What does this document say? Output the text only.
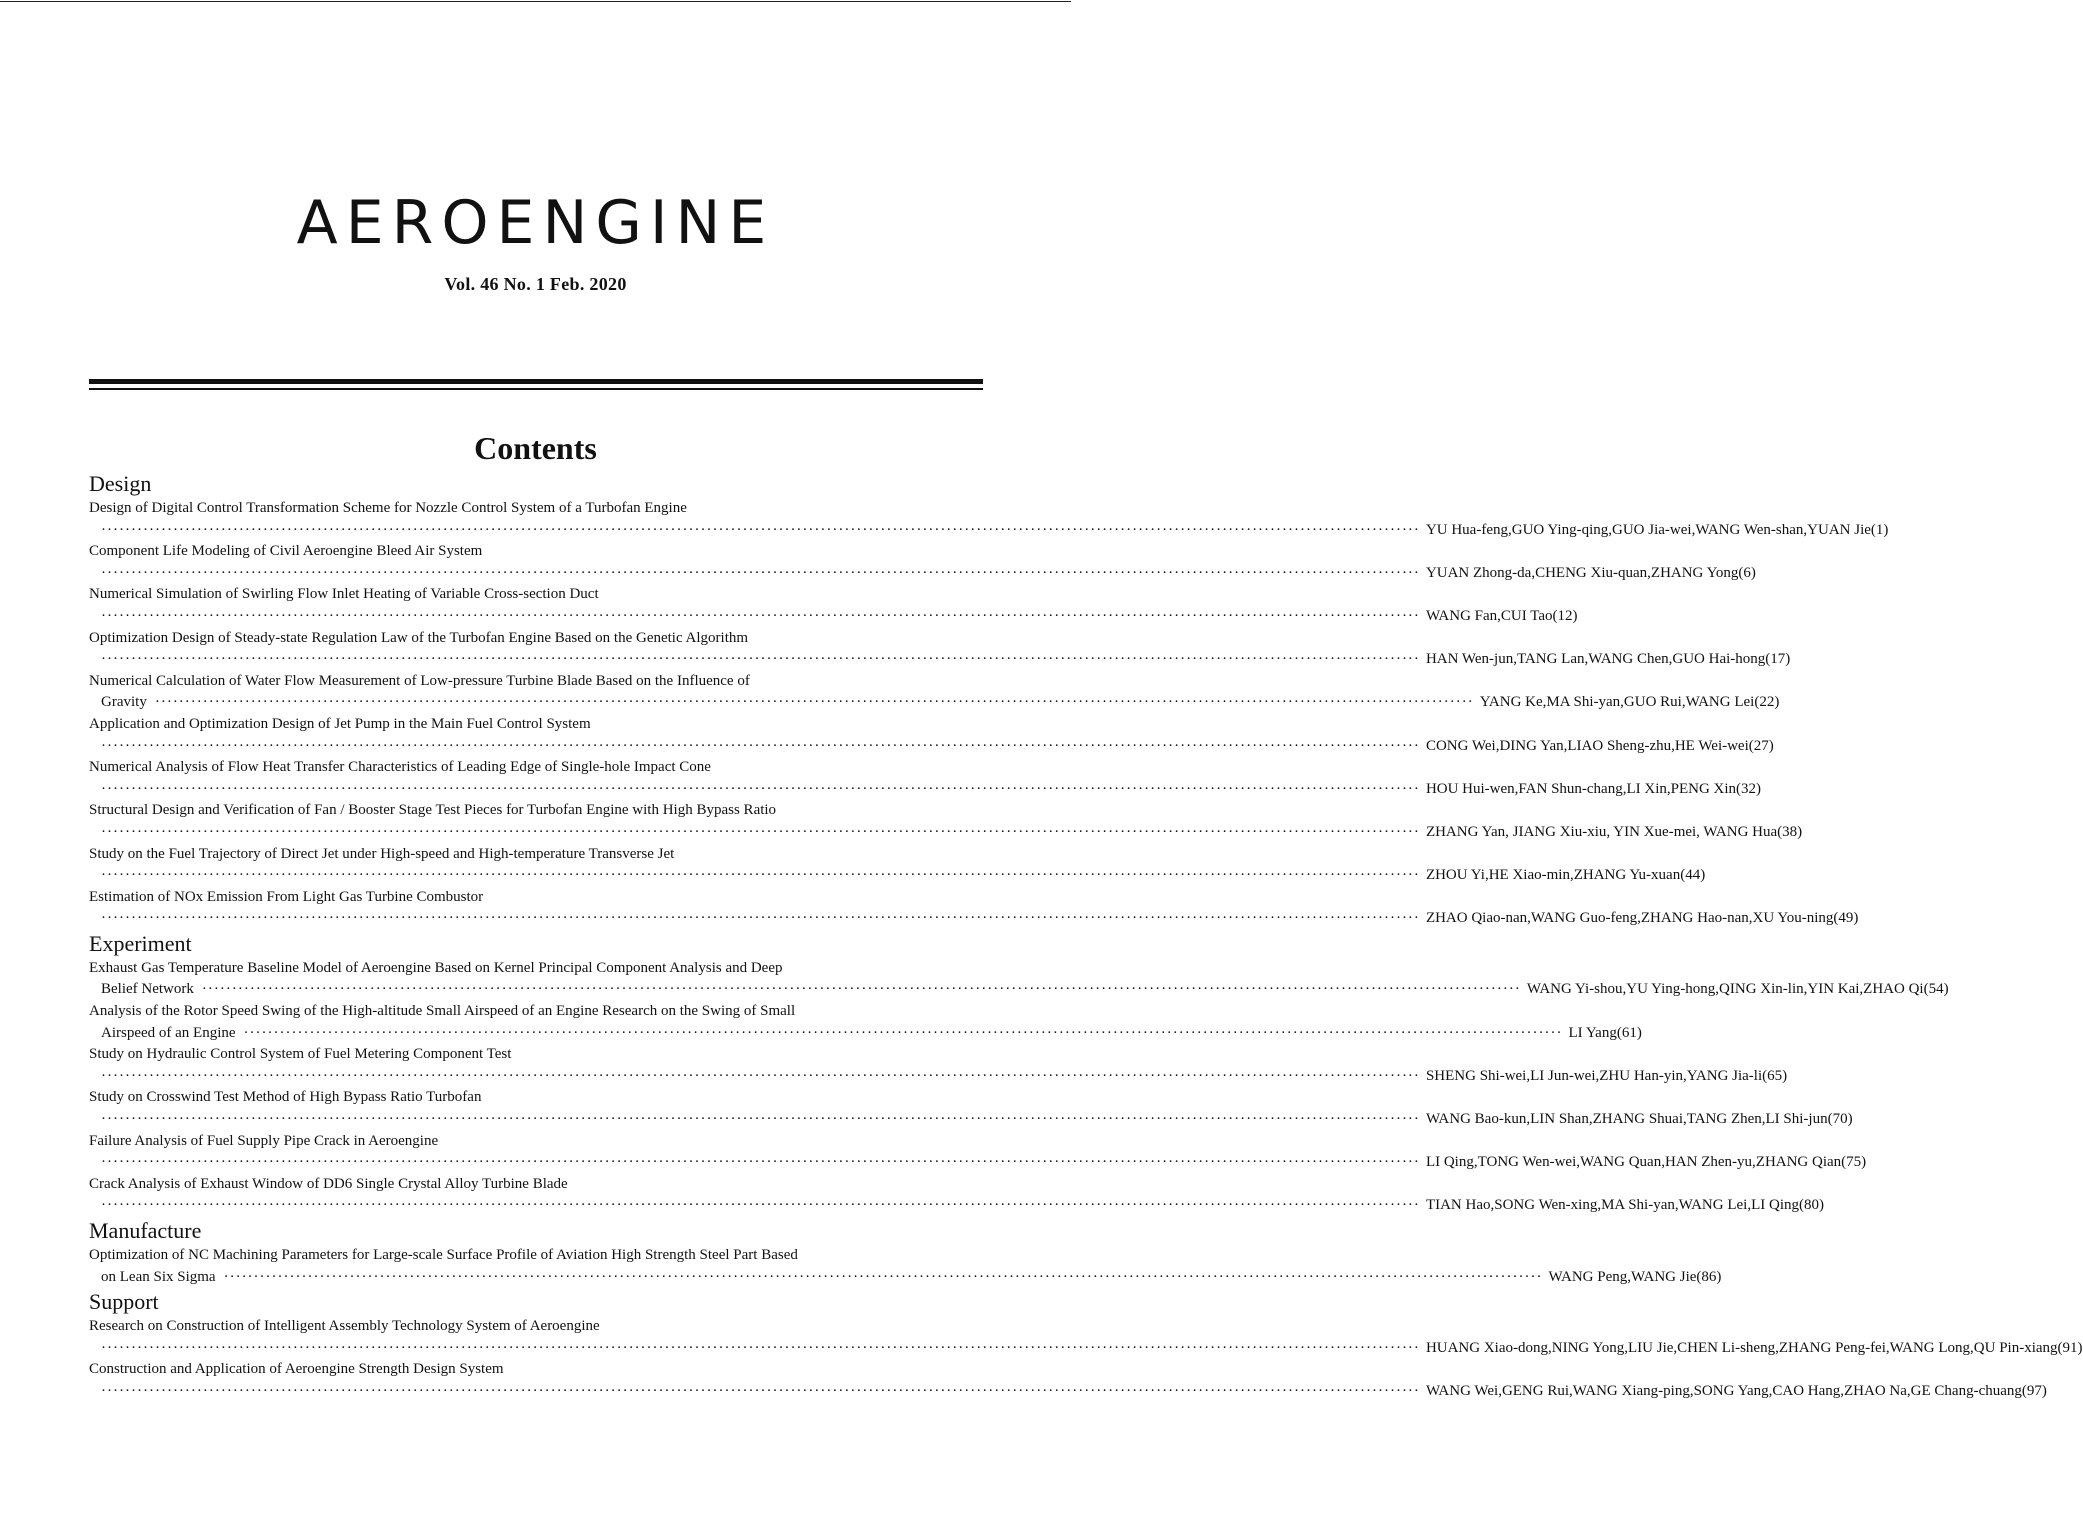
AEROENGINE
Vol. 46 No. 1 Feb. 2020
Contents
Design
Design of Digital Control Transformation Scheme for Nozzle Control System of a Turbofan Engine
···························································································································································································································· YU Hua-feng,GUO Ying-qing,GUO Jia-wei,WANG Wen-shan,YUAN Jie(1)
Component Life Modeling of Civil Aeroengine Bleed Air System
···························································································································································································································· YUAN Zhong-da,CHENG Xiu-quan,ZHANG Yong(6)
Numerical Simulation of Swirling Flow Inlet Heating of Variable Cross-section Duct
···························································································································································································································· WANG Fan,CUI Tao(12)
Optimization Design of Steady-state Regulation Law of the Turbofan Engine Based on the Genetic Algorithm
···························································································································································································································· HAN Wen-jun,TANG Lan,WANG Chen,GUO Hai-hong(17)
Numerical Calculation of Water Flow Measurement of Low-pressure Turbine Blade Based on the Influence of
Gravity ···························································································································································································································· YANG Ke,MA Shi-yan,GUO Rui,WANG Lei(22)
Application and Optimization Design of Jet Pump in the Main Fuel Control System
···························································································································································································································· CONG Wei,DING Yan,LIAO Sheng-zhu,HE Wei-wei(27)
Numerical Analysis of Flow Heat Transfer Characteristics of Leading Edge of Single-hole Impact Cone
···························································································································································································································· HOU Hui-wen,FAN Shun-chang,LI Xin,PENG Xin(32)
Structural Design and Verification of Fan / Booster Stage Test Pieces for Turbofan Engine with High Bypass Ratio
···························································································································································································································· ZHANG Yan, JIANG Xiu-xiu, YIN Xue-mei, WANG Hua(38)
Study on the Fuel Trajectory of Direct Jet under High-speed and High-temperature Transverse Jet
···························································································································································································································· ZHOU Yi,HE Xiao-min,ZHANG Yu-xuan(44)
Estimation of NOx Emission From Light Gas Turbine Combustor
···························································································································································································································· ZHAO Qiao-nan,WANG Guo-feng,ZHANG Hao-nan,XU You-ning(49)
Experiment
Exhaust Gas Temperature Baseline Model of Aeroengine Based on Kernel Principal Component Analysis and Deep
Belief Network ···························································································································································································································· WANG Yi-shou,YU Ying-hong,QING Xin-lin,YIN Kai,ZHAO Qi(54)
Analysis of the Rotor Speed Swing of the High-altitude Small Airspeed of an Engine Research on the Swing of Small
Airspeed of an Engine ···························································································································································································································· LI Yang(61)
Study on Hydraulic Control System of Fuel Metering Component Test
···························································································································································································································· SHENG Shi-wei,LI Jun-wei,ZHU Han-yin,YANG Jia-li(65)
Study on Crosswind Test Method of High Bypass Ratio Turbofan
···························································································································································································································· WANG Bao-kun,LIN Shan,ZHANG Shuai,TANG Zhen,LI Shi-jun(70)
Failure Analysis of Fuel Supply Pipe Crack in Aeroengine
···························································································································································································································· LI Qing,TONG Wen-wei,WANG Quan,HAN Zhen-yu,ZHANG Qian(75)
Crack Analysis of Exhaust Window of DD6 Single Crystal Alloy Turbine Blade
···························································································································································································································· TIAN Hao,SONG Wen-xing,MA Shi-yan,WANG Lei,LI Qing(80)
Manufacture
Optimization of NC Machining Parameters for Large-scale Surface Profile of Aviation High Strength Steel Part Based
on Lean Six Sigma ···························································································································································································································· WANG Peng,WANG Jie(86)
Support
Research on Construction of Intelligent Assembly Technology System of Aeroengine
···························································································································································································································· HUANG Xiao-dong,NING Yong,LIU Jie,CHEN Li-sheng,ZHANG Peng-fei,WANG Long,QU Pin-xiang(91)
Construction and Application of Aeroengine Strength Design System
···························································································································································································································· WANG Wei,GENG Rui,WANG Xiang-ping,SONG Yang,CAO Hang,ZHAO Na,GE Chang-chuang(97)
